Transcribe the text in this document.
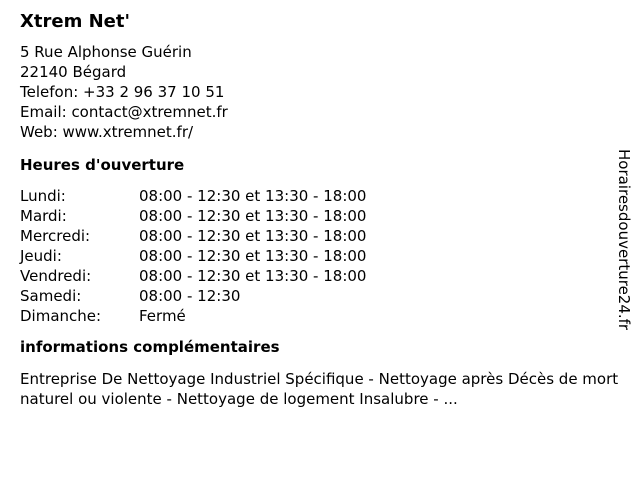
Xtrem Net'
5 Rue Alphonse Guérin
22140 Bégard
Telefon: +33 2 96 37 10 51
Email: contact@xtremnet.fr
Web: www.xtremnet.fr/
Heures d'ouverture
Lundi:	08:00 - 12:30 et 13:30 - 18:00
Mardi:	08:00 - 12:30 et 13:30 - 18:00
Mercredi:	08:00 - 12:30 et 13:30 - 18:00
Jeudi:	08:00 - 12:30 et 13:30 - 18:00
Vendredi:	08:00 - 12:30 et 13:30 - 18:00
Samedi:	08:00 - 12:30
Dimanche:	Fermé
informations complémentaires
Entreprise De Nettoyage Industriel Spécifique - Nettoyage après Décès de mort naturel ou violente - Nettoyage de logement Insalubre - ...
Horairesdouverture24.fr
